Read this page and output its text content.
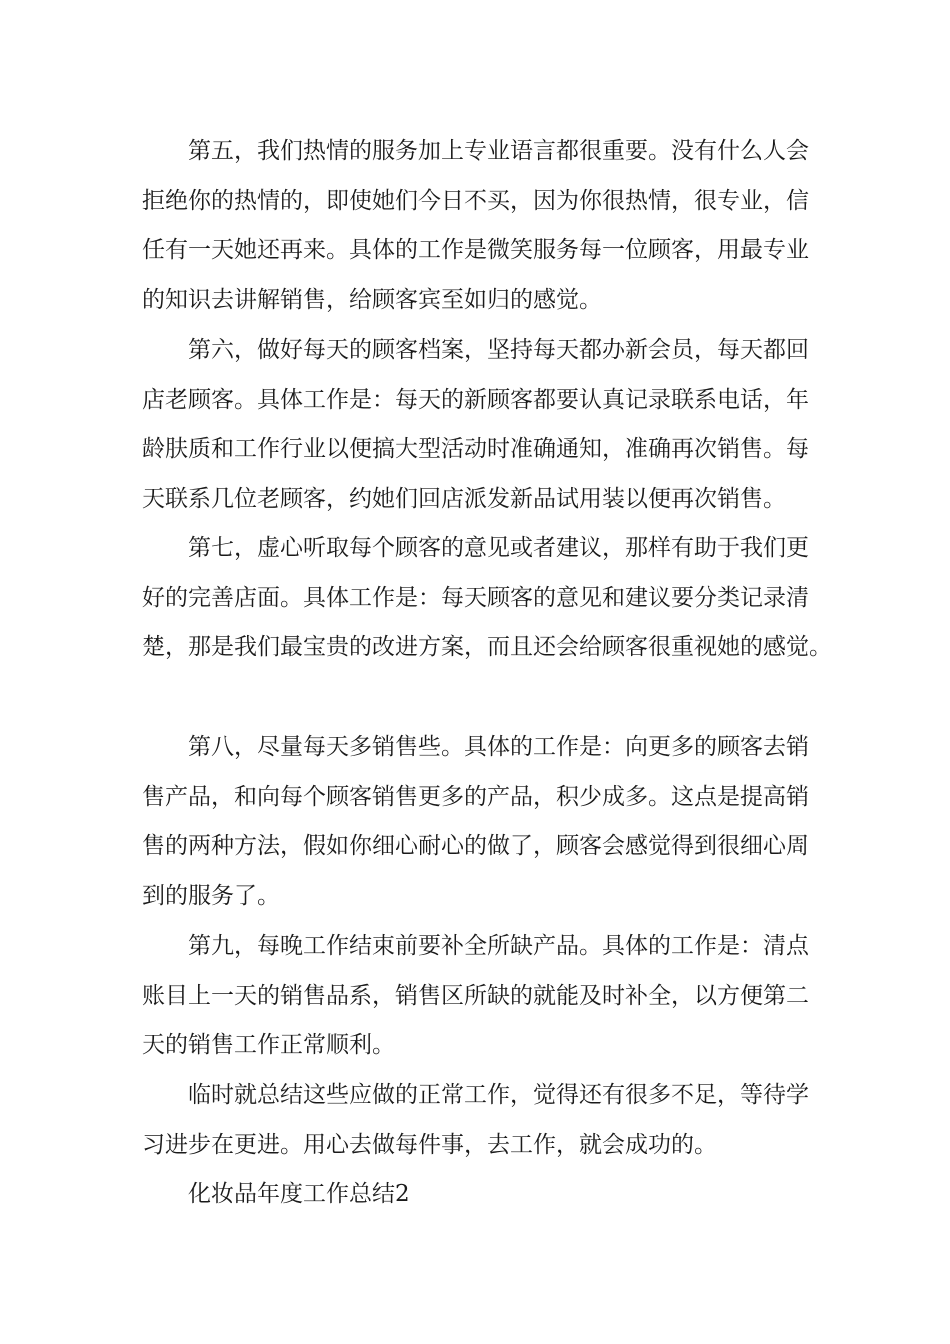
第五，我们热情的服务加上专业语言都很重要。没有什么人会
拒绝你的热情的，即使她们今日不买，因为你很热情，很专业，信
任有一天她还再来。具体的工作是微笑服务每一位顾客，用最专业
的知识去讲解销售，给顾客宾至如归的感觉。
第六，做好每天的顾客档案，坚持每天都办新会员，每天都回
店老顾客。具体工作是：每天的新顾客都要认真记录联系电话，年
龄肤质和工作行业以便搞大型活动时准确通知，准确再次销售。每
天联系几位老顾客，约她们回店派发新品试用装以便再次销售。
第七，虚心听取每个顾客的意见或者建议，那样有助于我们更
好的完善店面。具体工作是：每天顾客的意见和建议要分类记录清
楚，那是我们最宝贵的改进方案，而且还会给顾客很重视她的感觉。
第八，尽量每天多销售些。具体的工作是：向更多的顾客去销
售产品，和向每个顾客销售更多的产品，积少成多。这点是提高销
售的两种方法，假如你细心耐心的做了，顾客会感觉得到很细心周
到的服务了。
第九，每晚工作结束前要补全所缺产品。具体的工作是：清点
账目上一天的销售品系，销售区所缺的就能及时补全，以方便第二
天的销售工作正常顺利。
临时就总结这些应做的正常工作，觉得还有很多不足，等待学
习进步在更进。用心去做每件事，去工作，就会成功的。
化妆品年度工作总结2
